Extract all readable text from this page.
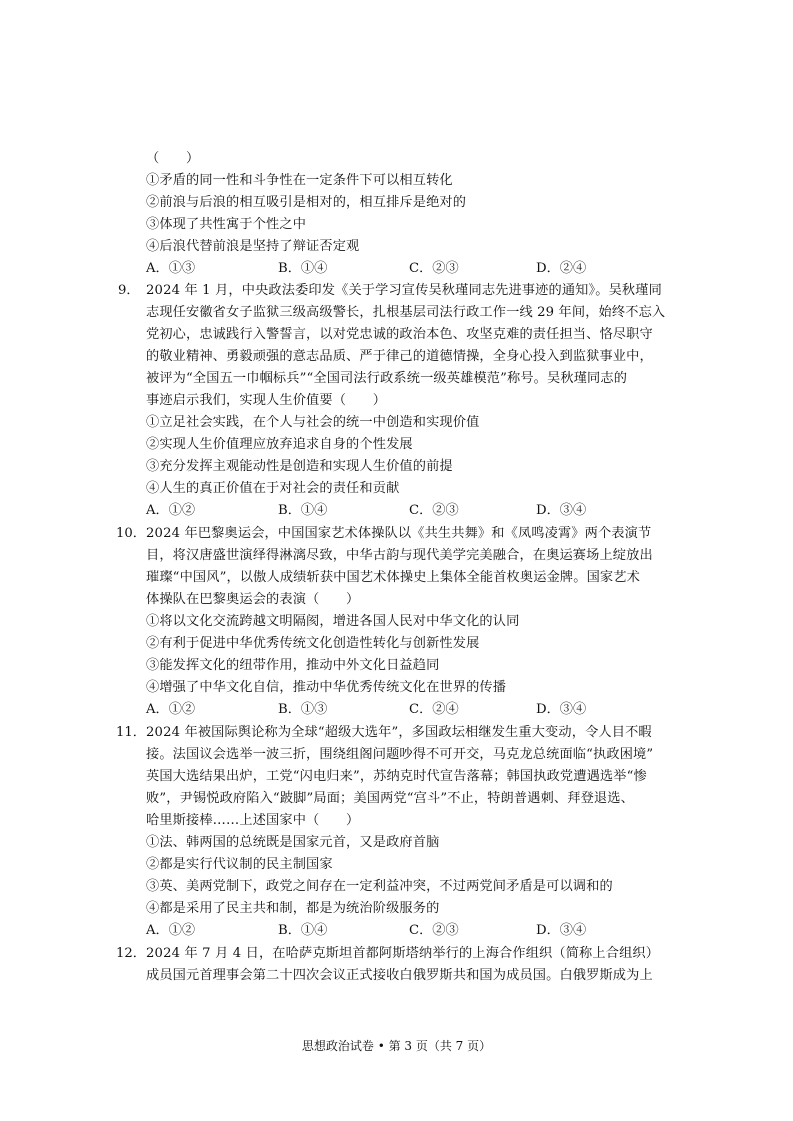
（　　）
①矛盾的同一性和斗争性在一定条件下可以相互转化
②前浪与后浪的相互吸引是相对的，相互排斥是绝对的
③体现了共性寓于个性之中
④后浪代替前浪是坚持了辩证否定观
A．①③	B．①④	C．②③	D．②④
9． 2024 年 1 月，中央政法委印发《关于学习宣传吴秋瑾同志先进事迹的通知》。吴秋瑾同
志现任安徽省女子监狱三级高级警长，扎根基层司法行政工作一线 29 年间，始终不忘入
党初心，忠诚践行入警誓言，以对党忠诚的政治本色、攻坚克难的责任担当、恪尽职守
的敬业精神、勇毅顽强的意志品质、严于律己的道德情操，全身心投入到监狱事业中，
被评为“全国五一巾帼标兵”“全国司法行政系统一级英雄模范”称号。吴秋瑾同志的
事迹启示我们，实现人生价值要（　　）
①立足社会实践，在个人与社会的统一中创造和实现价值
②实现人生价值理应放弃追求自身的个性发展
③充分发挥主观能动性是创造和实现人生价值的前提
④人生的真正价值在于对社会的责任和贡献
A．①②	B．①④	C．②③	D．③④
10． 2024 年巴黎奥运会，中国国家艺术体操队以《共生共舞》和《凤鸣凌霄》两个表演节
目，将汉唐盛世演绎得淋漓尽致，中华古韵与现代美学完美融合，在奥运赛场上绽放出
璀璨“中国风”，以傲人成绩斩获中国艺术体操史上集体全能首枚奥运金牌。国家艺术
体操队在巴黎奥运会的表演（　　）
①将以文化交流跨越文明隔阂，增进各国人民对中华文化的认同
②有利于促进中华优秀传统文化创造性转化与创新性发展
③能发挥文化的纽带作用，推动中外文化日益趋同
④增强了中华文化自信，推动中华优秀传统文化在世界的传播
A．①②	B．①③	C．②④	D．③④
11． 2024 年被国际舆论称为全球“超级大选年”，多国政坛相继发生重大变动，令人目不暇
接。法国议会选举一波三折，围绕组阁问题吵得不可开交，马克龙总统面临“执政困境”
英国大选结果出炉，工党“闪电归来”，苏纳克时代宣告落幕；韩国执政党遭遇选举“惨
败”，尹锡悦政府陷入“跛脚”局面；美国两党“宫斗”不止，特朗普遇刺、拜登退选、
哈里斯接棒……上述国家中（　　）
①法、韩两国的总统既是国家元首，又是政府首脑
②都是实行代议制的民主制国家
③英、美两党制下，政党之间存在一定利益冲突，不过两党间矛盾是可以调和的
④都是采用了民主共和制，都是为统治阶级服务的
A．①②	B．①④	C．②③	D．③④
12． 2024 年 7 月 4 日，在哈萨克斯坦首都阿斯塔纳举行的上海合作组织（简称上合组织）
成员国元首理事会第二十四次会议正式接收白俄罗斯共和国为成员国。白俄罗斯成为上
思想政治试卷 • 第 3 页（共 7 页）
